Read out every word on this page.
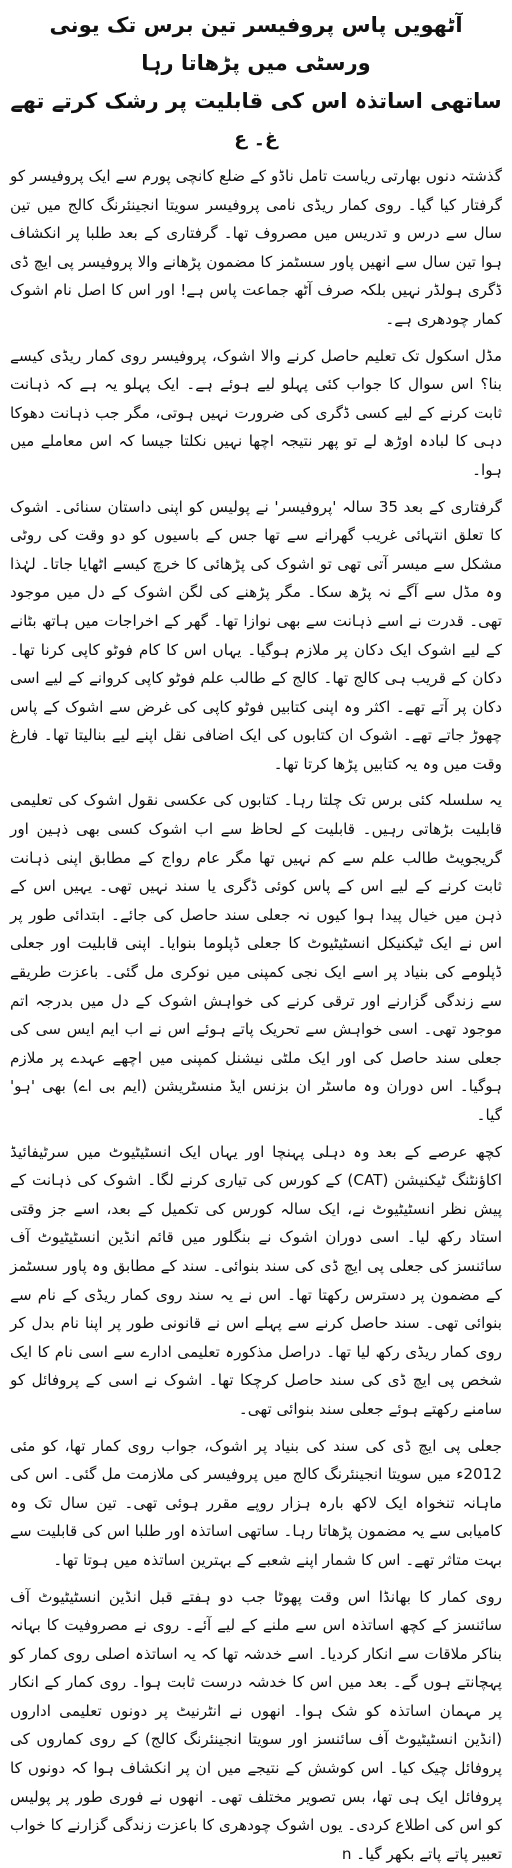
آٹھویں پاس پروفیسر تین برس تک یونی ورسٹی میں پڑھاتا رہا
ساتھی اساتذہ اس کی قابلیت پر رشک کرتے تھے
غ۔ ع

گذشتہ دنوں بھارتی ریاست تامل ناڈو کے ضلع کانچی پورم سے ایک پروفیسر کو گرفتار کیا گیا۔ روی کمار ریڈی نامی پروفیسر سویتا انجینئرنگ کالج میں تین سال سے درس و تدریس میں مصروف تھا۔ گرفتاری کے بعد طلبا پر انکشاف ہوا تین سال سے انھیں پاور سسٹمز کا مضمون پڑھانے والا پروفیسر پی ایچ ڈی ڈگری ہولڈر نہیں بلکہ صرف آٹھ جماعت پاس ہے! اور اس کا اصل نام اشوک کمار چودھری ہے۔

مڈل اسکول تک تعلیم حاصل کرنے والا اشوک، پروفیسر روی کمار ریڈی کیسے بنا؟ اس سوال کا جواب کئی پہلو لیے ہوئے ہے۔ ایک پہلو یہ ہے کہ ذہانت ثابت کرنے کے لیے کسی ڈگری کی ضرورت نہیں ہوتی، مگر جب ذہانت دھوکا دہی کا لبادہ اوڑھ لے تو پھر نتیجہ اچھا نہیں نکلتا جیسا کہ اس معاملے میں ہوا۔

گرفتاری کے بعد 35 سالہ 'پروفیسر' نے پولیس کو اپنی داستان سنائی۔ اشوک کا تعلق انتہائی غریب گھرانے سے تھا جس کے باسیوں کو دو وقت کی روٹی مشکل سے میسر آتی تھی تو اشوک کی پڑھائی کا خرچ کیسے اٹھایا جاتا۔ لہٰذا وہ مڈل سے آگے نہ پڑھ سکا۔ مگر پڑھنے کی لگن اشوک کے دل میں موجود تھی۔ قدرت نے اسے ذہانت سے بھی نوازا تھا۔ گھر کے اخراجات میں ہاتھ بٹانے کے لیے اشوک ایک دکان پر ملازم ہوگیا۔ یہاں اس کا کام فوٹو کاپی کرنا تھا۔ دکان کے قریب ہی کالج تھا۔ کالج کے طالب علم فوٹو کاپی کروانے کے لیے اسی دکان پر آتے تھے۔ اکثر وہ اپنی کتابیں فوٹو کاپی کی غرض سے اشوک کے پاس چھوڑ جاتے تھے۔ اشوک ان کتابوں کی ایک اضافی نقل اپنے لیے بنالیتا تھا۔ فارغ وقت میں وہ یہ کتابیں پڑھا کرتا تھا۔

یہ سلسلہ کئی برس تک چلتا رہا۔ کتابوں کی عکسی نقول اشوک کی تعلیمی قابلیت بڑھاتی رہیں۔ قابلیت کے لحاظ سے اب اشوک کسی بھی ذہین اور گریجویٹ طالب علم سے کم نہیں تھا مگر عام رواج کے مطابق اپنی ذہانت ثابت کرنے کے لیے اس کے پاس کوئی ڈگری یا سند نہیں تھی۔ یہیں اس کے ذہن میں خیال پیدا ہوا کیوں نہ جعلی سند حاصل کی جائے۔ ابتدائی طور پر اس نے ایک ٹیکنیکل انسٹیٹیوٹ کا جعلی ڈپلوما بنوایا۔ اپنی قابلیت اور جعلی ڈپلومے کی بنیاد پر اسے ایک نجی کمپنی میں نوکری مل گئی۔ باعزت طریقے سے زندگی گزارنے اور ترقی کرنے کی خواہش اشوک کے دل میں بدرجہ اتم موجود تھی۔ اسی خواہش سے تحریک پاتے ہوئے اس نے اب ایم ایس سی کی جعلی سند حاصل کی اور ایک ملٹی نیشنل کمپنی میں اچھے عہدے پر ملازم ہوگیا۔ اس دوران وہ ماسٹر ان بزنس ایڈ منسٹریشن (ایم بی اے) بھی 'ہو' گیا۔

کچھ عرصے کے بعد وہ دہلی پہنچا اور یہاں ایک انسٹیٹیوٹ میں سرٹیفائیڈ اکاؤنٹنگ ٹیکنیشن (CAT) کے کورس کی تیاری کرنے لگا۔ اشوک کی ذہانت کے پیش نظر انسٹیٹیوٹ نے، ایک سالہ کورس کی تکمیل کے بعد، اسے جز وقتی استاد رکھ لیا۔ اسی دوران اشوک نے بنگلور میں قائم انڈین انسٹیٹیوٹ آف سائنسز کی جعلی پی ایچ ڈی کی سند بنوائی۔ سند کے مطابق وہ پاور سسٹمز کے مضمون پر دسترس رکھتا تھا۔ اس نے یہ سند روی کمار ریڈی کے نام سے بنوائی تھی۔ سند حاصل کرنے سے پہلے اس نے قانونی طور پر اپنا نام بدل کر روی کمار ریڈی رکھ لیا تھا۔ دراصل مذکورہ تعلیمی ادارے سے اسی نام کا ایک شخص پی ایچ ڈی کی سند حاصل کرچکا تھا۔ اشوک نے اسی کے پروفائل کو سامنے رکھتے ہوئے جعلی سند بنوائی تھی۔

جعلی پی ایچ ڈی کی سند کی بنیاد پر اشوک، جواب روی کمار تھا، کو مئی 2012ء میں سویتا انجینئرنگ کالج میں پروفیسر کی ملازمت مل گئی۔ اس کی ماہانہ تنخواہ ایک لاکھ بارہ ہزار روپے مقرر ہوئی تھی۔ تین سال تک وہ کامیابی سے یہ مضمون پڑھاتا رہا۔ ساتھی اساتذہ اور طلبا اس کی قابلیت سے بہت متاثر تھے۔ اس کا شمار اپنے شعبے کے بہترین اساتذہ میں ہوتا تھا۔

روی کمار کا بھانڈا اس وقت پھوٹا جب دو ہفتے قبل انڈین انسٹیٹیوٹ آف سائنسز کے کچھ اساتذہ اس سے ملنے کے لیے آئے۔ روی نے مصروفیت کا بہانہ بناکر ملاقات سے انکار کردیا۔ اسے خدشہ تھا کہ یہ اساتذہ اصلی روی کمار کو پہچانتے ہوں گے۔ بعد میں اس کا خدشہ درست ثابت ہوا۔ روی کمار کے انکار پر مہمان اساتذہ کو شک ہوا۔ انھوں نے انٹرنیٹ پر دونوں تعلیمی اداروں (انڈین انسٹیٹیوٹ آف سائنسز اور سویتا انجینئرنگ کالج) کے روی کماروں کی پروفائل چیک کیا۔ اس کوشش کے نتیجے میں ان پر انکشاف ہوا کہ دونوں کا پروفائل ایک ہی تھا، بس تصویر مختلف تھی۔ انھوں نے فوری طور پر پولیس کو اس کی اطلاع کردی۔ یوں اشوک چودھری کا باعزت زندگی گزارنے کا خواب تعبیر پاتے پاتے بکھر گیا۔ n
